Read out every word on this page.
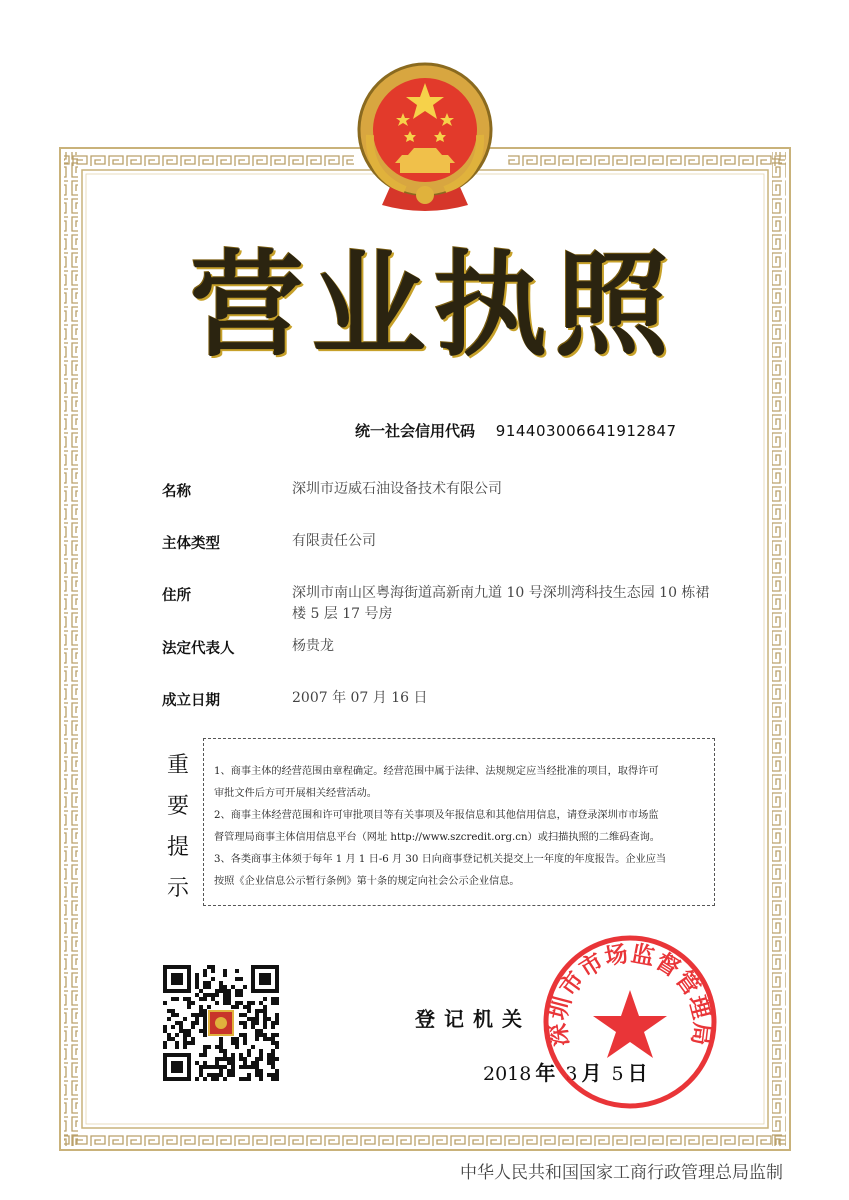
营 业 执 照
统一社会信用代码 914403006641912847
名称	深圳市迈威石油设备技术有限公司
主体类型	有限责任公司
住所	深圳市南山区粤海街道高新南九道 10 号深圳湾科技生态园 10 栋裙
楼 5 层 17 号房
法定代表人	杨贵龙
成立日期	2007 年 07 月 16 日
重
要
提
示

1、商事主体的经营范围由章程确定。经营范围中属于法律、法规规定应当经批准的项目，取得许可

审批文件后方可开展相关经营活动。

2、商事主体经营范围和许可审批项目等有关事项及年报信息和其他信用信息，请登录深圳市市场监

督管理局商事主体信用信息平台（网址 http://www.szcredit.org.cn）或扫描执照的二维码查询。

3、各类商事主体须于每年 1 月 1 日-6 月 30 日向商事登记机关提交上一年度的年度报告。企业应当

按照《企业信息公示暂行条例》第十条的规定向社会公示企业信息。

登记机关
2018 年 3 月 5 日
深圳市市场监督管理局
中华人民共和国国家工商行政管理总局监制
